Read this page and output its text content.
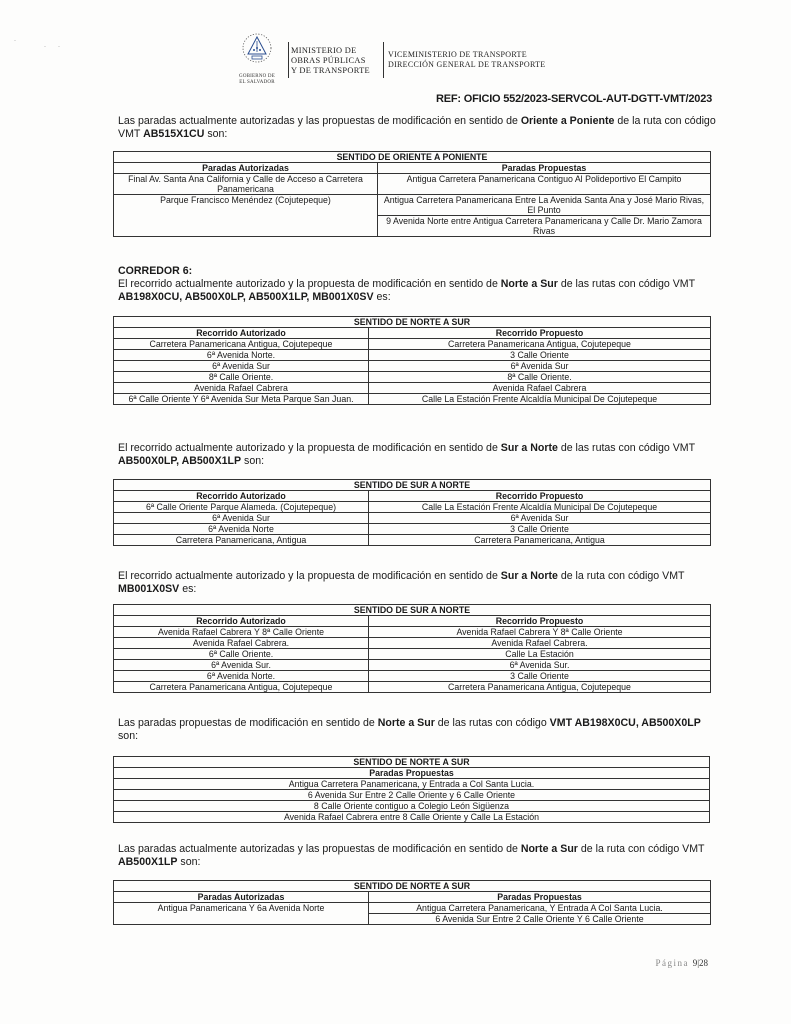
·
· ·
GOBIERNO DE
EL SALVADOR
MINISTERIO DE
OBRAS PÚBLICAS
Y DE TRANSPORTE
VICEMINISTERIO DE TRANSPORTE
DIRECCIÓN GENERAL DE TRANSPORTE
REF: OFICIO 552/2023-SERVCOL-AUT-DGTT-VMT/2023
Las paradas actualmente autorizadas y las propuestas de modificación en sentido de Oriente a Poniente de la ruta con código VMT AB515X1CU son:
SENTIDO DE ORIENTE A PONIENTE	
Paradas Autorizadas	Paradas Propuestas
Final Av. Santa Ana California y Calle de Acceso a Carretera Panamericana	Antigua Carretera Panamericana Contiguo Al Polideportivo El Campito
Parque Francisco Menéndez (Cojutepeque)	Antigua Carretera Panamericana Entre La Avenida Santa Ana y José Mario Rivas, El Punto
	9 Avenida Norte entre Antigua Carretera Panamericana y Calle Dr. Mario Zamora Rivas
CORREDOR 6:
El recorrido actualmente autorizado y la propuesta de modificación en sentido de Norte a Sur de las rutas con código VMT AB198X0CU, AB500X0LP, AB500X1LP, MB001X0SV es:
SENTIDO DE NORTE A SUR	
Recorrido Autorizado	Recorrido Propuesto
Carretera Panamericana Antigua, Cojutepeque	Carretera Panamericana Antigua, Cojutepeque
6ª Avenida Norte.	3 Calle Oriente
6ª Avenida Sur	6ª Avenida Sur
8ª Calle Oriente.	8ª Calle Oriente.
Avenida Rafael Cabrera	Avenida Rafael Cabrera
6ª Calle Oriente Y 6ª Avenida Sur Meta Parque San Juan.	Calle La Estación Frente Alcaldía Municipal De Cojutepeque
El recorrido actualmente autorizado y la propuesta de modificación en sentido de Sur a Norte de las rutas con código VMT AB500X0LP, AB500X1LP son:
SENTIDO DE SUR A NORTE	
Recorrido Autorizado	Recorrido Propuesto
6ª Calle Oriente Parque Alameda. (Cojutepeque)	Calle La Estación Frente Alcaldía Municipal De Cojutepeque
6ª Avenida Sur	6ª Avenida Sur
6ª Avenida Norte	3 Calle Oriente
Carretera Panamericana, Antigua	Carretera Panamericana, Antigua
El recorrido actualmente autorizado y la propuesta de modificación en sentido de Sur a Norte de la ruta con código VMT MB001X0SV es:
SENTIDO DE SUR A NORTE	
Recorrido Autorizado	Recorrido Propuesto
Avenida Rafael Cabrera Y 8ª Calle Oriente	Avenida Rafael Cabrera Y 8ª Calle Oriente
Avenida Rafael Cabrera.	Avenida Rafael Cabrera.
6ª Calle Oriente.	Calle La Estación
6ª Avenida Sur.	6ª Avenida Sur.
6ª Avenida Norte.	3 Calle Oriente
Carretera Panamericana Antigua, Cojutepeque	Carretera Panamericana Antigua, Cojutepeque
Las paradas propuestas de modificación en sentido de Norte a Sur de las rutas con código VMT AB198X0CU, AB500X0LP son:
SENTIDO DE NORTE A SUR
Paradas Propuestas
Antigua Carretera Panamericana, y Entrada a Col Santa Lucia.
6 Avenida Sur Entre 2 Calle Oriente y 6 Calle Oriente
8 Calle Oriente contiguo a Colegio León Sigüenza
Avenida Rafael Cabrera entre 8 Calle Oriente y Calle La Estación
Las paradas actualmente autorizadas y las propuestas de modificación en sentido de Norte a Sur de la ruta con código VMT AB500X1LP son:
SENTIDO DE NORTE A SUR	
Paradas Autorizadas	Paradas Propuestas
Antigua Panamericana Y 6a Avenida Norte	Antigua Carretera Panamericana, Y Entrada A Col Santa Lucia.
	6 Avenida Sur Entre 2 Calle Oriente Y 6 Calle Oriente
Página 9|28
